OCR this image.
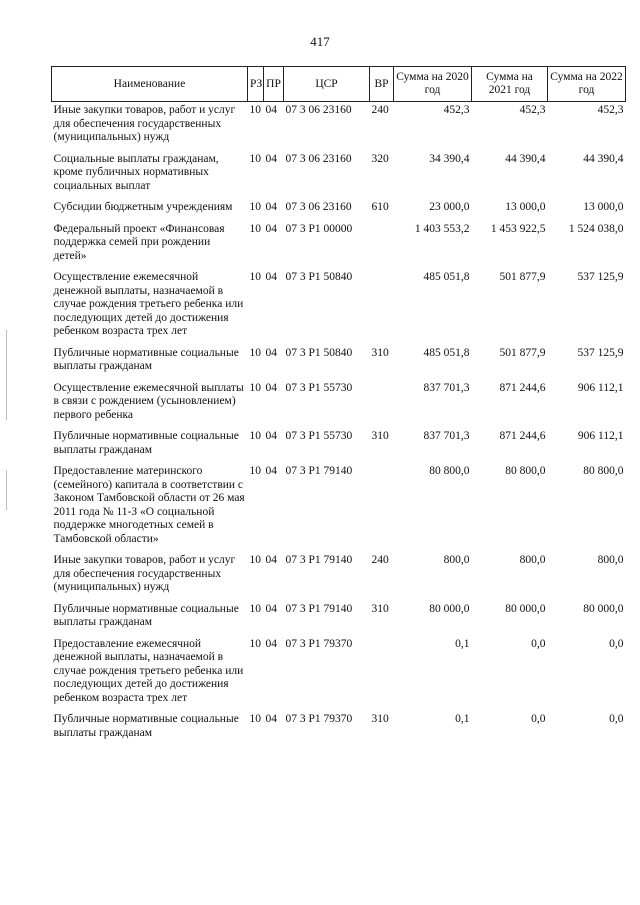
417
Наименование	РЗ	ПР	ЦСР	ВР	Сумма на 2020 год	Сумма на 2021 год	Сумма на 2022 год
Иные закупки товаров, работ и услуг для обеспечения государственных (муниципальных) нужд	10	04	07 3 06 23160	240	452,3	452,3	452,3
Социальные выплаты гражданам, кроме публичных нормативных социальных выплат	10	04	07 3 06 23160	320	34 390,4	44 390,4	44 390,4
Субсидии бюджетным учреждениям	10	04	07 3 06 23160	610	23 000,0	13 000,0	13 000,0
Федеральный проект «Финансовая поддержка семей при рождении детей»	10	04	07 3 P1 00000		1 403 553,2	1 453 922,5	1 524 038,0
Осуществление ежемесячной денежной выплаты, назначаемой в случае рождения третьего ребенка или последующих детей до достижения ребенком возраста трех лет	10	04	07 3 P1 50840		485 051,8	501 877,9	537 125,9
Публичные нормативные социальные выплаты гражданам	10	04	07 3 P1 50840	310	485 051,8	501 877,9	537 125,9
Осуществление ежемесячной выплаты в связи с рождением (усыновлением) первого ребенка	10	04	07 3 P1 55730		837 701,3	871 244,6	906 112,1
Публичные нормативные социальные выплаты гражданам	10	04	07 3 P1 55730	310	837 701,3	871 244,6	906 112,1
Предоставление материнского (семейного) капитала в соответствии с Законом Тамбовской области от 26 мая 2011 года № 11-З «О социальной поддержке многодетных семей в Тамбовской области»	10	04	07 3 P1 79140		80 800,0	80 800,0	80 800,0
Иные закупки товаров, работ и услуг для обеспечения государственных (муниципальных) нужд	10	04	07 3 P1 79140	240	800,0	800,0	800,0
Публичные нормативные социальные выплаты гражданам	10	04	07 3 P1 79140	310	80 000,0	80 000,0	80 000,0
Предоставление ежемесячной денежной выплаты, назначаемой в случае рождения третьего ребенка или последующих детей до достижения ребенком возраста трех лет	10	04	07 3 P1 79370		0,1	0,0	0,0
Публичные нормативные социальные выплаты гражданам	10	04	07 3 P1 79370	310	0,1	0,0	0,0
